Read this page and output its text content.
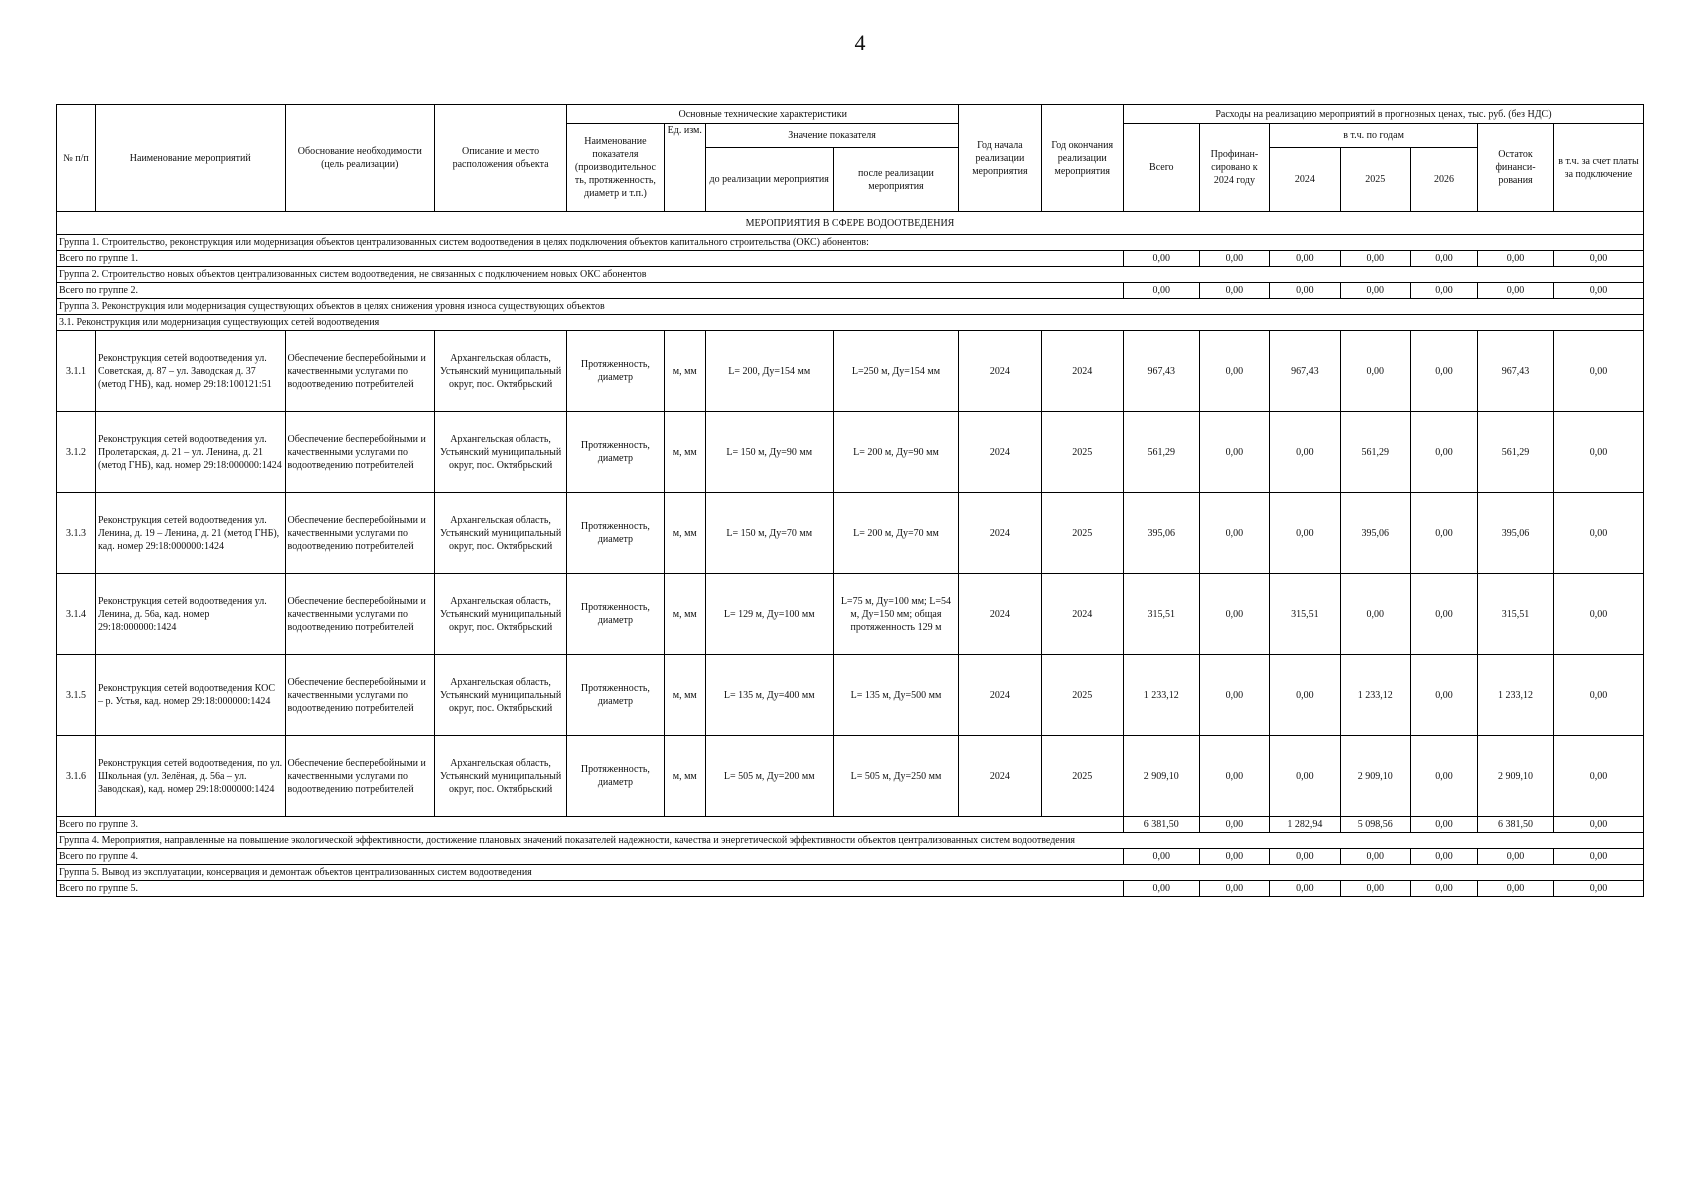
4
№ п/п	Наименование мероприятий	Обоснование необходимости (цель реализации)	Описание и место расположения объекта	Основные технические характеристики				Год начала реализации мероприятия	Год окончания реализации мероприятия	Расходы на реализацию мероприятий в прогнозных ценах, тыс. руб. (без НДС)						
				Наименование показателя (производительнос ть, протяженность, диаметр и т.п.)	Ед. изм.	Значение показателя				Всего	Профинан-сировано к 2024 году	в т.ч. по годам			Остаток финанси-рования	в т.ч. за счет платы за подключение
						до реализации мероприятия	после реализации мероприятия					2024	2025	2026		
МЕРОПРИЯТИЯ В СФЕРЕ ВОДООТВЕДЕНИЯ																
Группа 1. Строительство, реконструкция или модернизация объектов централизованных систем водоотведения в целях подключения объектов капитального строительства (ОКС) абонентов:																
Всего по группе 1.										0,00	0,00	0,00	0,00	0,00	0,00	0,00
Группа 2. Строительство новых объектов централизованных систем водоотведения, не связанных с подключением новых ОКС абонентов																
Всего по группе 2.										0,00	0,00	0,00	0,00	0,00	0,00	0,00
Группа 3. Реконструкция или модернизация существующих объектов в целях снижения уровня износа существующих объектов																
3.1. Реконструкция или модернизация существующих сетей водоотведения																
3.1.1	Реконструкция сетей водоотведения ул. Советская, д. 87 – ул. Заводская д. 37 (метод ГНБ), кад. номер 29:18:100121:51	Обеспечение бесперебойными и качественными услугами по водоотведению потребителей	Архангельская область, Устьянский муниципальный округ, пос. Октябрьский	Протяженность, диаметр	м, мм	L= 200, Ду=154 мм	L=250 м, Ду=154 мм	2024	2024	967,43	0,00	967,43	0,00	0,00	967,43	0,00
3.1.2	Реконструкция сетей водоотведения ул. Пролетарская, д. 21 – ул. Ленина, д. 21 (метод ГНБ), кад. номер 29:18:000000:1424	Обеспечение бесперебойными и качественными услугами по водоотведению потребителей	Архангельская область, Устьянский муниципальный округ, пос. Октябрьский	Протяженность, диаметр	м, мм	L= 150 м, Ду=90 мм	L= 200 м, Ду=90 мм	2024	2025	561,29	0,00	0,00	561,29	0,00	561,29	0,00
3.1.3	Реконструкция сетей водоотведения ул. Ленина, д. 19 – Ленина, д. 21 (метод ГНБ), кад. номер 29:18:000000:1424	Обеспечение бесперебойными и качественными услугами по водоотведению потребителей	Архангельская область, Устьянский муниципальный округ, пос. Октябрьский	Протяженность, диаметр	м, мм	L= 150 м, Ду=70 мм	L= 200 м, Ду=70 мм	2024	2025	395,06	0,00	0,00	395,06	0,00	395,06	0,00
3.1.4	Реконструкция сетей водоотведения ул. Ленина, д. 56а, кад. номер 29:18:000000:1424	Обеспечение бесперебойными и качественными услугами по водоотведению потребителей	Архангельская область, Устьянский муниципальный округ, пос. Октябрьский	Протяженность, диаметр	м, мм	L= 129 м, Ду=100 мм	L=75 м, Ду=100 мм; L=54 м, Ду=150 мм; общая протяженность 129 м	2024	2024	315,51	0,00	315,51	0,00	0,00	315,51	0,00
3.1.5	Реконструкция сетей водоотведения КОС – р. Устья, кад. номер 29:18:000000:1424	Обеспечение бесперебойными и качественными услугами по водоотведению потребителей	Архангельская область, Устьянский муниципальный округ, пос. Октябрьский	Протяженность, диаметр	м, мм	L= 135 м, Ду=400 мм	L= 135 м, Ду=500 мм	2024	2025	1 233,12	0,00	0,00	1 233,12	0,00	1 233,12	0,00
3.1.6	Реконструкция сетей водоотведения, по ул. Школьная (ул. Зелёная, д. 56а – ул. Заводская), кад. номер 29:18:000000:1424	Обеспечение бесперебойными и качественными услугами по водоотведению потребителей	Архангельская область, Устьянский муниципальный округ, пос. Октябрьский	Протяженность, диаметр	м, мм	L= 505 м, Ду=200 мм	L= 505 м, Ду=250 мм	2024	2025	2 909,10	0,00	0,00	2 909,10	0,00	2 909,10	0,00
Всего по группе 3.										6 381,50	0,00	1 282,94	5 098,56	0,00	6 381,50	0,00
Группа 4. Мероприятия, направленные на повышение экологической эффективности, достижение плановых значений показателей надежности, качества и энергетической эффективности объектов централизованных систем водоотведения																
Всего по группе 4.										0,00	0,00	0,00	0,00	0,00	0,00	0,00
Группа 5. Вывод из эксплуатации, консервация и демонтаж объектов централизованных систем водоотведения																
Всего по группе 5.										0,00	0,00	0,00	0,00	0,00	0,00	0,00
